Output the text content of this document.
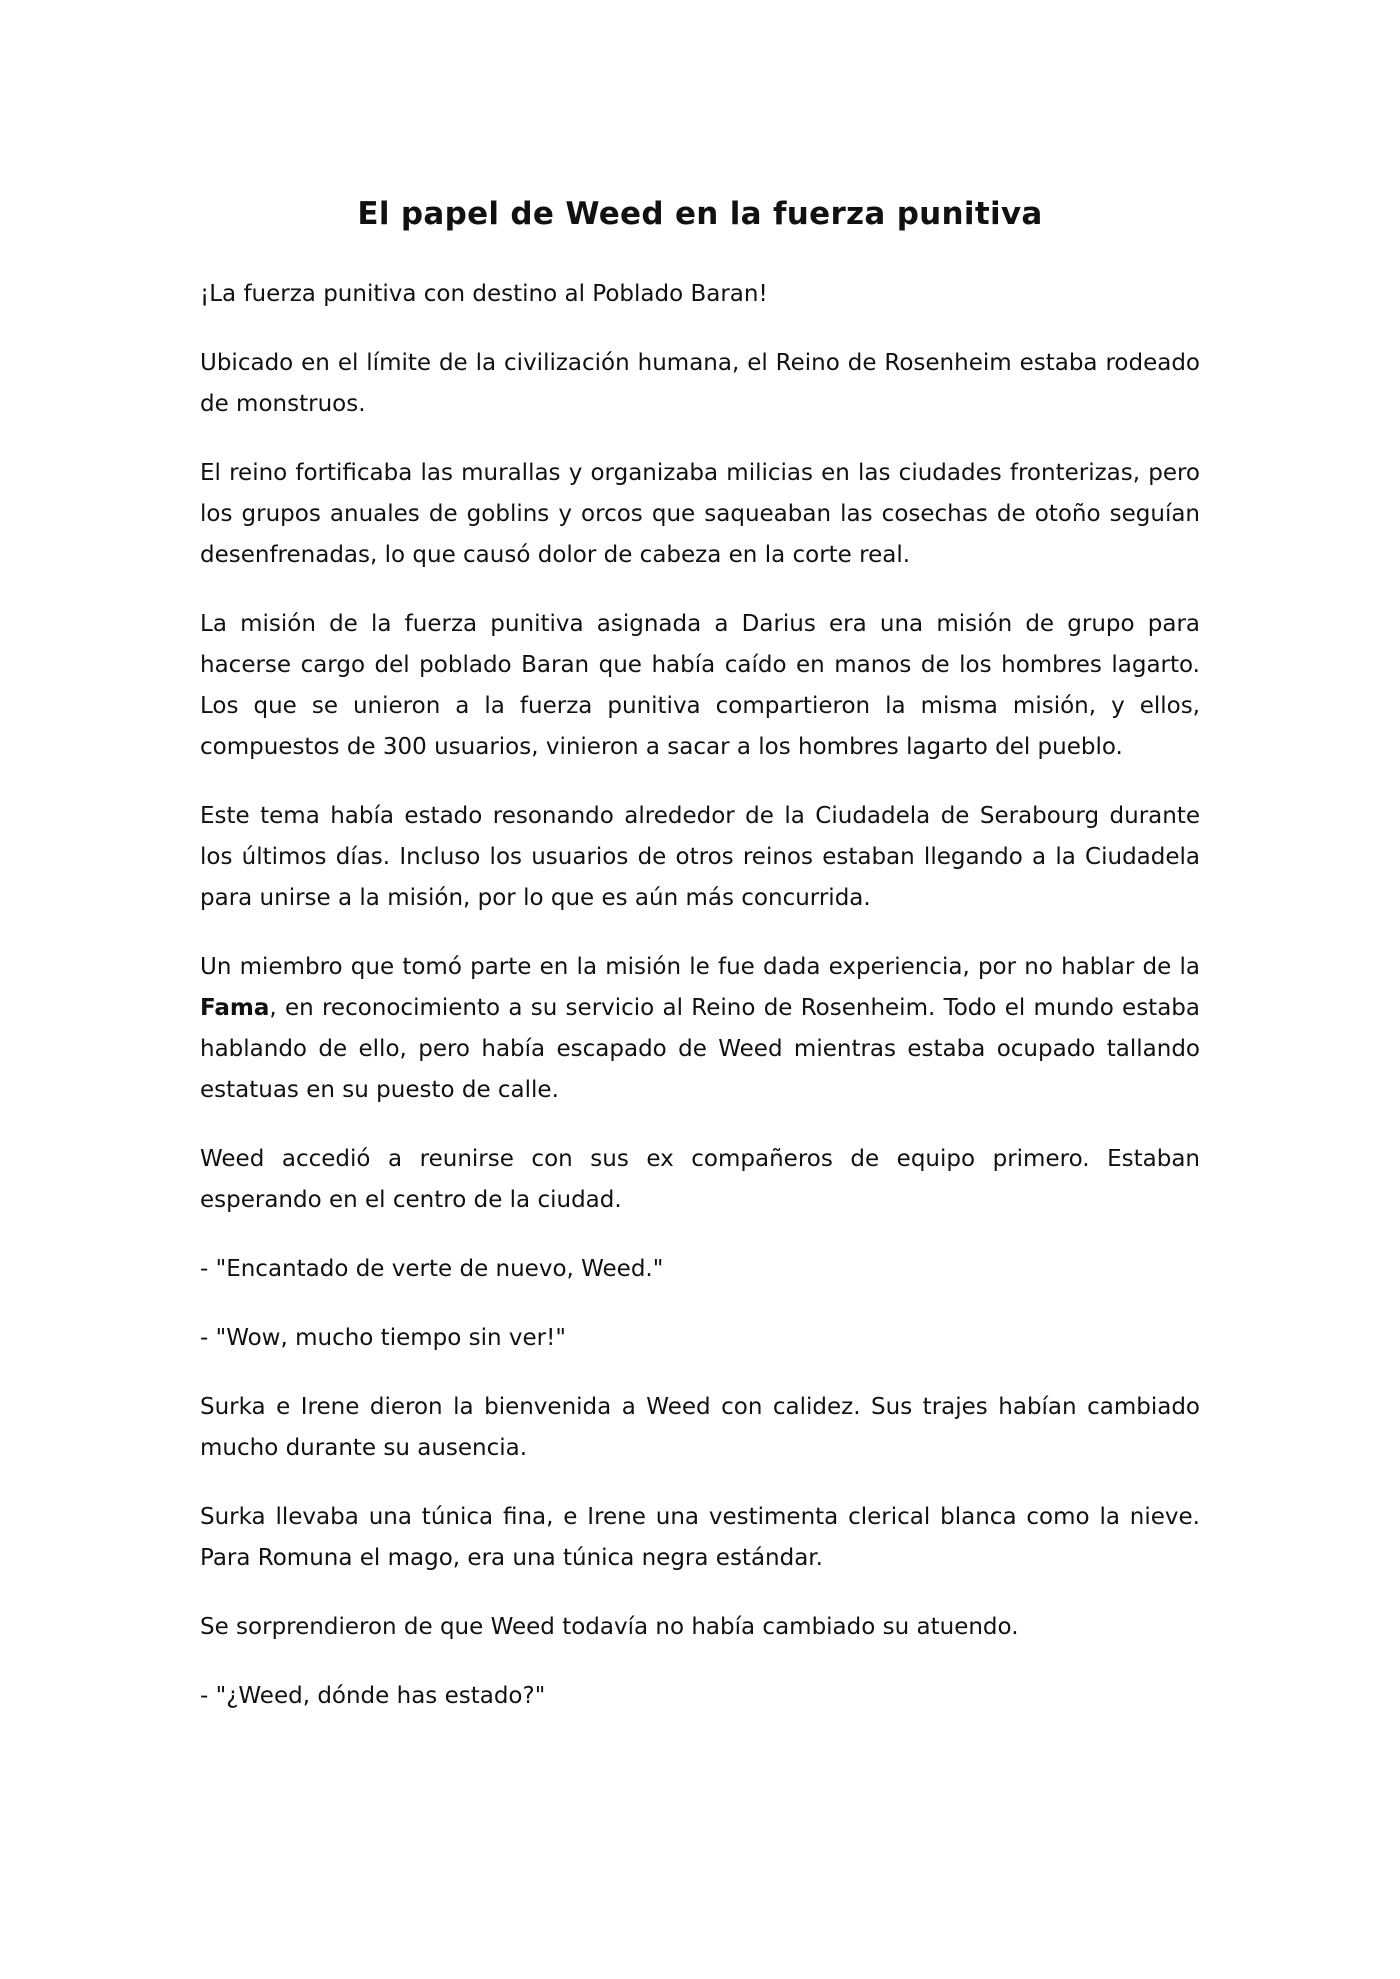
El papel de Weed en la fuerza punitiva

¡La fuerza punitiva con destino al Poblado Baran!

Ubicado en el límite de la civilización humana, el Reino de Rosenheim estaba rodeado de monstruos.

El reino fortificaba las murallas y organizaba milicias en las ciudades fronterizas, pero los grupos anuales de goblins y orcos que saqueaban las cosechas de otoño seguían desenfrenadas, lo que causó dolor de cabeza en la corte real.

La misión de la fuerza punitiva asignada a Darius era una misión de grupo para hacerse cargo del poblado Baran que había caído en manos de los hombres lagarto. Los que se unieron a la fuerza punitiva compartieron la misma misión, y ellos, compuestos de 300 usuarios, vinieron a sacar a los hombres lagarto del pueblo.

Este tema había estado resonando alrededor de la Ciudadela de Serabourg durante los últimos días. Incluso los usuarios de otros reinos estaban llegando a la Ciudadela para unirse a la misión, por lo que es aún más concurrida.

Un miembro que tomó parte en la misión le fue dada experiencia, por no hablar de la Fama, en reconocimiento a su servicio al Reino de Rosenheim. Todo el mundo estaba hablando de ello, pero había escapado de Weed mientras estaba ocupado tallando estatuas en su puesto de calle.

Weed accedió a reunirse con sus ex compañeros de equipo primero. Estaban esperando en el centro de la ciudad.

- "Encantado de verte de nuevo, Weed."

- "Wow, mucho tiempo sin ver!"

Surka e Irene dieron la bienvenida a Weed con calidez. Sus trajes habían cambiado mucho durante su ausencia.

Surka llevaba una túnica fina, e Irene una vestimenta clerical blanca como la nieve. Para Romuna el mago, era una túnica negra estándar.

Se sorprendieron de que Weed todavía no había cambiado su atuendo.

- "¿Weed, dónde has estado?"
